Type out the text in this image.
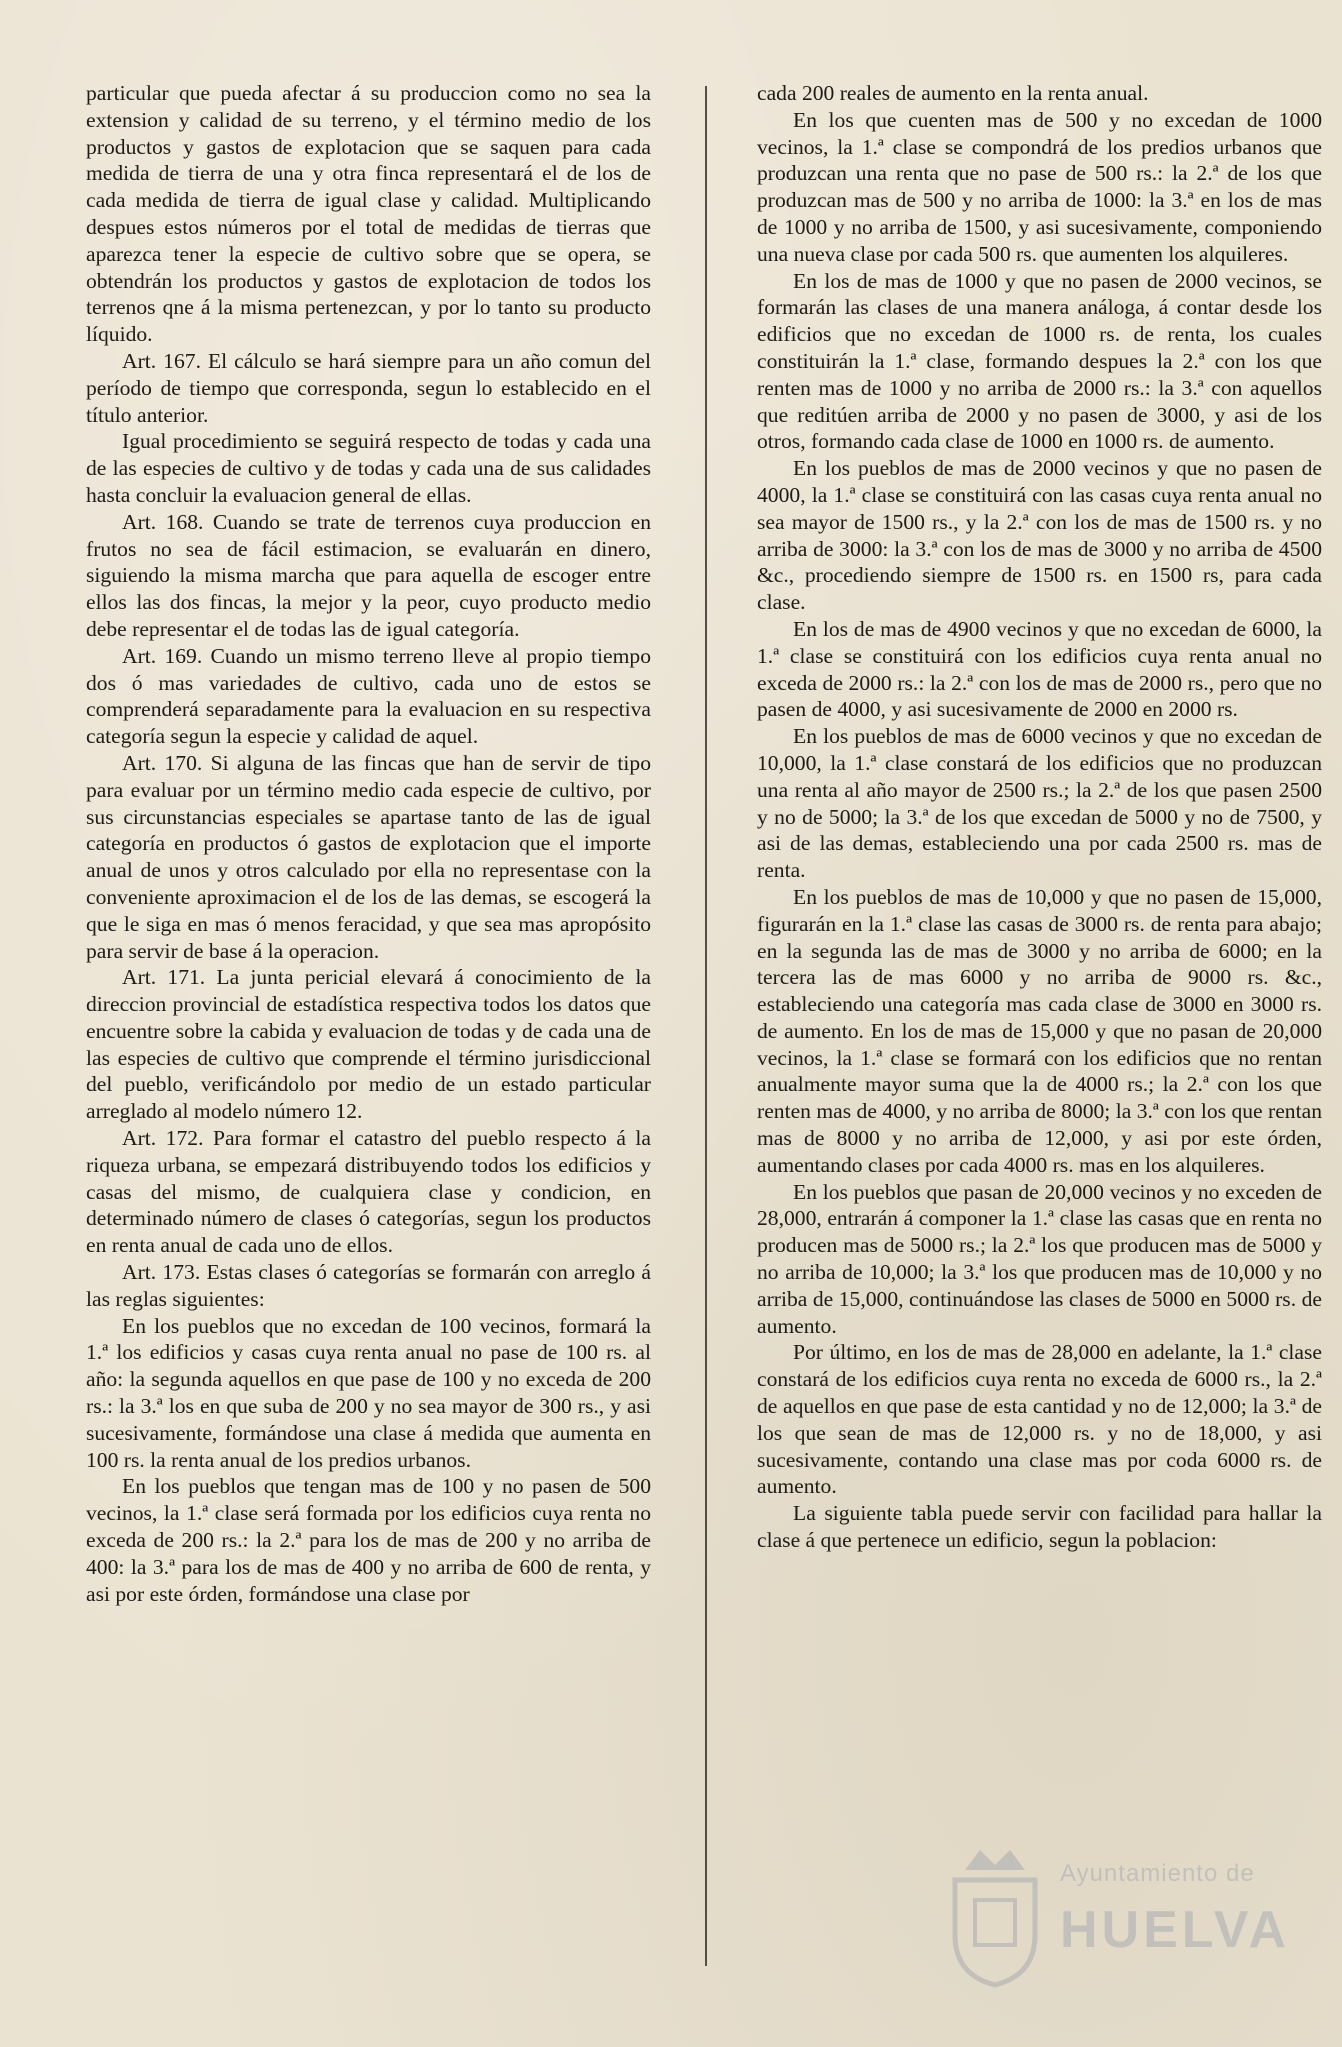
particular que pueda afectar á su produccion como no sea la extension y calidad de su terreno, y el término medio de los productos y gastos de explotacion que se saquen para cada medida de tierra de una y otra finca representará el de los de cada medida de tierra de igual clase y calidad. Multiplicando despues estos números por el total de medidas de tierras que aparezca tener la especie de cultivo sobre que se opera, se obtendrán los productos y gastos de explotacion de todos los terrenos qne á la misma pertenezcan, y por lo tanto su producto líquido.

Art. 167. El cálculo se hará siempre para un año comun del período de tiempo que corresponda, segun lo establecido en el título anterior.

Igual procedimiento se seguirá respecto de todas y cada una de las especies de cultivo y de todas y cada una de sus calidades hasta concluir la evaluacion general de ellas.

Art. 168. Cuando se trate de terrenos cuya produccion en frutos no sea de fácil estimacion, se evaluarán en dinero, siguiendo la misma marcha que para aquella de escoger entre ellos las dos fincas, la mejor y la peor, cuyo producto medio debe representar el de todas las de igual categoría.

Art. 169. Cuando un mismo terreno lleve al propio tiempo dos ó mas variedades de cultivo, cada uno de estos se comprenderá separadamente para la evaluacion en su respectiva categoría segun la especie y calidad de aquel.

Art. 170. Si alguna de las fincas que han de servir de tipo para evaluar por un término medio cada especie de cultivo, por sus circunstancias especiales se apartase tanto de las de igual categoría en productos ó gastos de explotacion que el importe anual de unos y otros calculado por ella no representase con la conveniente aproximacion el de los de las demas, se escogerá la que le siga en mas ó menos feracidad, y que sea mas apropósito para servir de base á la operacion.

Art. 171. La junta pericial elevará á conocimiento de la direccion provincial de estadística respectiva todos los datos que encuentre sobre la cabida y evaluacion de todas y de cada una de las especies de cultivo que comprende el término jurisdiccional del pueblo, verificándolo por medio de un estado particular arreglado al modelo número 12.

Art. 172. Para formar el catastro del pueblo respecto á la riqueza urbana, se empezará distribuyendo todos los edificios y casas del mismo, de cualquiera clase y condicion, en determinado número de clases ó categorías, segun los productos en renta anual de cada uno de ellos.

Art. 173. Estas clases ó categorías se formarán con arreglo á las reglas siguientes:

En los pueblos que no excedan de 100 vecinos, formará la 1.ª los edificios y casas cuya renta anual no pase de 100 rs. al año: la segunda aquellos en que pase de 100 y no exceda de 200 rs.: la 3.ª los en que suba de 200 y no sea mayor de 300 rs., y asi sucesivamente, formándose una clase á medida que aumenta en 100 rs. la renta anual de los predios urbanos.

En los pueblos que tengan mas de 100 y no pasen de 500 vecinos, la 1.ª clase será formada por los edificios cuya renta no exceda de 200 rs.: la 2.ª para los de mas de 200 y no arriba de 400: la 3.ª para los de mas de 400 y no arriba de 600 de renta, y asi por este órden, formándose una clase por

cada 200 reales de aumento en la renta anual.

En los que cuenten mas de 500 y no excedan de 1000 vecinos, la 1.ª clase se compondrá de los predios urbanos que produzcan una renta que no pase de 500 rs.: la 2.ª de los que produzcan mas de 500 y no arriba de 1000: la 3.ª en los de mas de 1000 y no arriba de 1500, y asi sucesivamente, componiendo una nueva clase por cada 500 rs. que aumenten los alquileres.

En los de mas de 1000 y que no pasen de 2000 vecinos, se formarán las clases de una manera análoga, á contar desde los edificios que no excedan de 1000 rs. de renta, los cuales constituirán la 1.ª clase, formando despues la 2.ª con los que renten mas de 1000 y no arriba de 2000 rs.: la 3.ª con aquellos que reditúen arriba de 2000 y no pasen de 3000, y asi de los otros, formando cada clase de 1000 en 1000 rs. de aumento.

En los pueblos de mas de 2000 vecinos y que no pasen de 4000, la 1.ª clase se constituirá con las casas cuya renta anual no sea mayor de 1500 rs., y la 2.ª con los de mas de 1500 rs. y no arriba de 3000: la 3.ª con los de mas de 3000 y no arriba de 4500 &c., procediendo siempre de 1500 rs. en 1500 rs, para cada clase.

En los de mas de 4900 vecinos y que no excedan de 6000, la 1.ª clase se constituirá con los edificios cuya renta anual no exceda de 2000 rs.: la 2.ª con los de mas de 2000 rs., pero que no pasen de 4000, y asi sucesivamente de 2000 en 2000 rs.

En los pueblos de mas de 6000 vecinos y que no excedan de 10,000, la 1.ª clase constará de los edificios que no produzcan una renta al año mayor de 2500 rs.; la 2.ª de los que pasen 2500 y no de 5000; la 3.ª de los que excedan de 5000 y no de 7500, y asi de las demas, estableciendo una por cada 2500 rs. mas de renta.

En los pueblos de mas de 10,000 y que no pasen de 15,000, figurarán en la 1.ª clase las casas de 3000 rs. de renta para abajo; en la segunda las de mas de 3000 y no arriba de 6000; en la tercera las de mas 6000 y no arriba de 9000 rs. &c., estableciendo una categoría mas cada clase de 3000 en 3000 rs. de aumento. En los de mas de 15,000 y que no pasan de 20,000 vecinos, la 1.ª clase se formará con los edificios que no rentan anualmente mayor suma que la de 4000 rs.; la 2.ª con los que renten mas de 4000, y no arriba de 8000; la 3.ª con los que rentan mas de 8000 y no arriba de 12,000, y asi por este órden, aumentando clases por cada 4000 rs. mas en los alquileres.

En los pueblos que pasan de 20,000 vecinos y no exceden de 28,000, entrarán á componer la 1.ª clase las casas que en renta no producen mas de 5000 rs.; la 2.ª los que producen mas de 5000 y no arriba de 10,000; la 3.ª los que producen mas de 10,000 y no arriba de 15,000, continuándose las clases de 5000 en 5000 rs. de aumento.

Por último, en los de mas de 28,000 en adelante, la 1.ª clase constará de los edificios cuya renta no exceda de 6000 rs., la 2.ª de aquellos en que pase de esta cantidad y no de 12,000; la 3.ª de los que sean de mas de 12,000 rs. y no de 18,000, y asi sucesivamente, contando una clase mas por coda 6000 rs. de aumento.

La siguiente tabla puede servir con facilidad para hallar la clase á que pertenece un edificio, segun la poblacion:

Ayuntamiento de
HUELVA
